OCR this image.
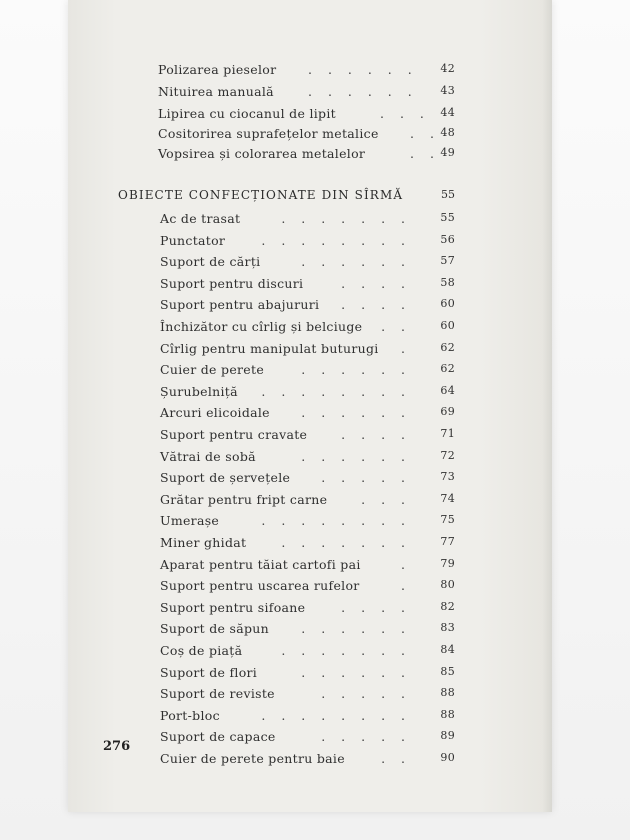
Polizarea pieselor	. . . . . . 42
Nituirea manuală	. . . . . . 43
Lipirea cu ciocanul de lipit	. . . 44
Cositorirea suprafețelor metalice	. . 48
Vopsirea și colorarea metalelor	. . 49
OBIECTE CONFECȚIONATE DIN SÎRMĂ	55
Ac de trasat	. . . . . . .	55
Punctator	. . . . . . . .	56
Suport de cărți	. . . . . .	57
Suport pentru discuri	. . . .	58
Suport pentru abajururi . . . .	60
Închizător cu cîrlig și belciuge . .	60
Cîrlig pentru manipulat buturugi .	62
Cuier de perete	. . . . . .	62
Șurubelniță . . . . . . . .	64
Arcuri elicoidale	. . . . . .	69
Suport pentru cravate	. . . .	71
Vătrai de sobă	. . . . . .	72
Suport de șervețele . . . . .	73
Grătar pentru fript carne	. . .	74
Umerașe	. . . . . . . .	75
Miner ghidat	. . . . . . .	77
Aparat pentru tăiat cartofi pai	.	79
Suport pentru uscarea rufelor	.	80
Suport pentru sifoane	. . . .	82
Suport de săpun	. . . . . .	83
Coș de piață	. . . . . . .	84
Suport de flori	. . . . . .	85
Suport de reviste	. . . . .	88
Port-bloc	. . . . . . . .	88
Suport de capace	. . . . .	89
Cuier de perete pentru baie	. .	90
276
